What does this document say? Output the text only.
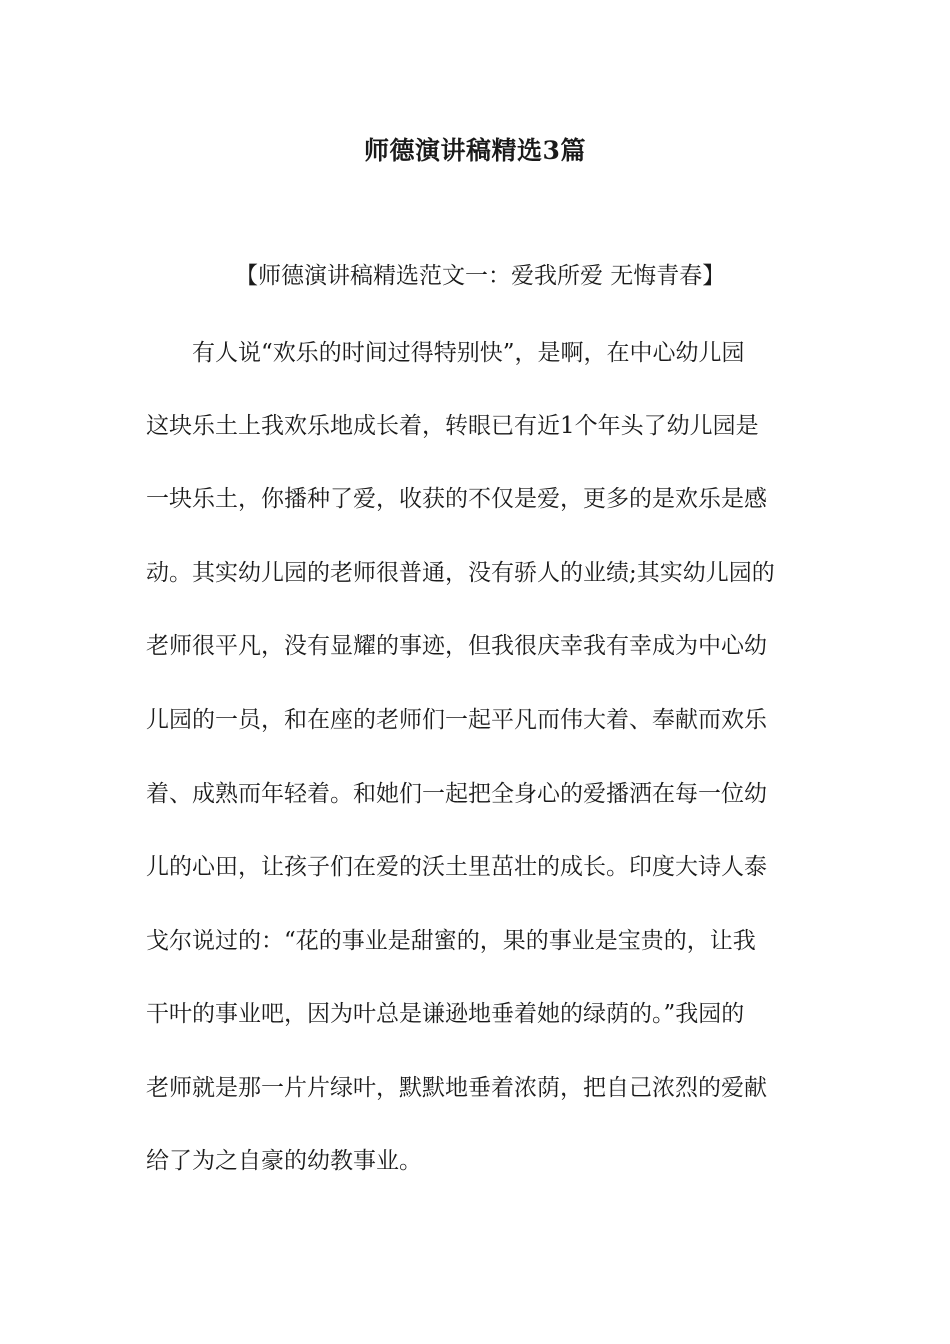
师德演讲稿精选3篇
【师德演讲稿精选范文一：爱我所爱 无悔青春】
　　有人说“欢乐的时间过得特别快”，是啊，在中心幼儿园
这块乐土上我欢乐地成长着，转眼已有近1个年头了幼儿园是
一块乐土，你播种了爱，收获的不仅是爱，更多的是欢乐是感
动。其实幼儿园的老师很普通，没有骄人的业绩;其实幼儿园的
老师很平凡，没有显耀的事迹，但我很庆幸我有幸成为中心幼
儿园的一员，和在座的老师们一起平凡而伟大着、奉献而欢乐
着、成熟而年轻着。和她们一起把全身心的爱播洒在每一位幼
儿的心田，让孩子们在爱的沃土里茁壮的成长。印度大诗人泰
戈尔说过的：“花的事业是甜蜜的，果的事业是宝贵的，让我
干叶的事业吧，因为叶总是谦逊地垂着她的绿荫的。”我园的
老师就是那一片片绿叶，默默地垂着浓荫，把自己浓烈的爱献
给了为之自豪的幼教事业。
